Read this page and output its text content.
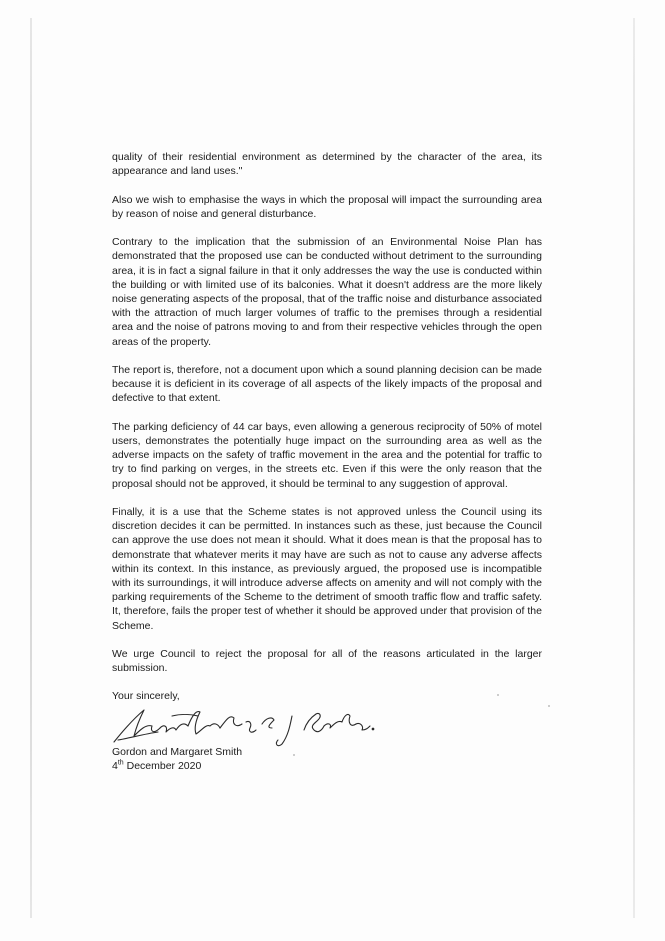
quality of their residential environment as determined by the character of the area, its appearance and land uses."

Also we wish to emphasise the ways in which the proposal will impact the surrounding area by reason of noise and general disturbance.

Contrary to the implication that the submission of an Environmental Noise Plan has demonstrated that the proposed use can be conducted without detriment to the surrounding area, it is in fact a signal failure in that it only addresses the way the use is conducted within the building or with limited use of its balconies. What it doesn't address are the more likely noise generating aspects of the proposal, that of the traffic noise and disturbance associated with the attraction of much larger volumes of traffic to the premises through a residential area and the noise of patrons moving to and from their respective vehicles through the open areas of the property.

The report is, therefore, not a document upon which a sound planning decision can be made because it is deficient in its coverage of all aspects of the likely impacts of the proposal and defective to that extent.

The parking deficiency of 44 car bays, even allowing a generous reciprocity of 50% of motel users, demonstrates the potentially huge impact on the surrounding area as well as the adverse impacts on the safety of traffic movement in the area and the potential for traffic to try to find parking on verges, in the streets etc. Even if this were the only reason that the proposal should not be approved, it should be terminal to any suggestion of approval.

Finally, it is a use that the Scheme states is not approved unless the Council using its discretion decides it can be permitted. In instances such as these, just because the Council can approve the use does not mean it should. What it does mean is that the proposal has to demonstrate that whatever merits it may have are such as not to cause any adverse affects within its context. In this instance, as previously argued, the proposed use is incompatible with its surroundings, it will introduce adverse affects on amenity and will not comply with the parking requirements of the Scheme to the detriment of smooth traffic flow and traffic safety. It, therefore, fails the proper test of whether it should be approved under that provision of the Scheme.

We urge Council to reject the proposal for all of the reasons articulated in the larger submission.

Your sincerely,
Gordon and Margaret Smith
4th December 2020
